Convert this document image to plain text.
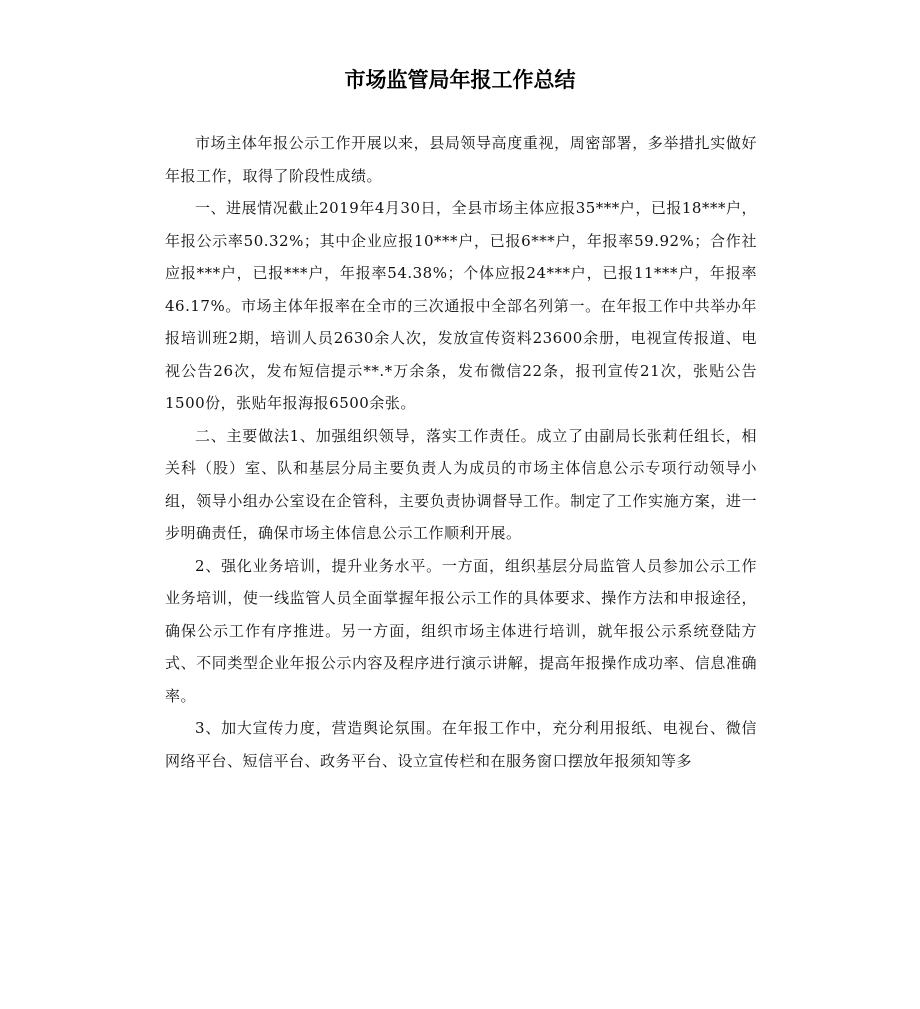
市场监管局年报工作总结

市场主体年报公示工作开展以来，县局领导高度重视，周密部署，多举措扎实做好年报工作，取得了阶段性成绩。

一、进展情况截止2019年4月30日，全县市场主体应报35***户，已报18***户，年报公示率50.32%；其中企业应报10***户，已报6***户，年报率59.92%；合作社应报***户，已报***户，年报率54.38%；个体应报24***户，已报11***户，年报率46.17%。市场主体年报率在全市的三次通报中全部名列第一。在年报工作中共举办年报培训班2期，培训人员2630余人次，发放宣传资料23600余册，电视宣传报道、电视公告26次，发布短信提示**.*万余条，发布微信22条，报刊宣传21次，张贴公告1500份，张贴年报海报6500余张。

二、主要做法1、加强组织领导，落实工作责任。成立了由副局长张莉任组长，相关科（股）室、队和基层分局主要负责人为成员的市场主体信息公示专项行动领导小组，领导小组办公室设在企管科，主要负责协调督导工作。制定了工作实施方案，进一步明确责任，确保市场主体信息公示工作顺利开展。

2、强化业务培训，提升业务水平。一方面，组织基层分局监管人员参加公示工作业务培训，使一线监管人员全面掌握年报公示工作的具体要求、操作方法和申报途径，确保公示工作有序推进。另一方面，组织市场主体进行培训，就年报公示系统登陆方式、不同类型企业年报公示内容及程序进行演示讲解，提高年报操作成功率、信息准确率。

3、加大宣传力度，营造舆论氛围。在年报工作中，充分利用报纸、电视台、微信网络平台、短信平台、政务平台、设立宣传栏和在服务窗口摆放年报须知等多
